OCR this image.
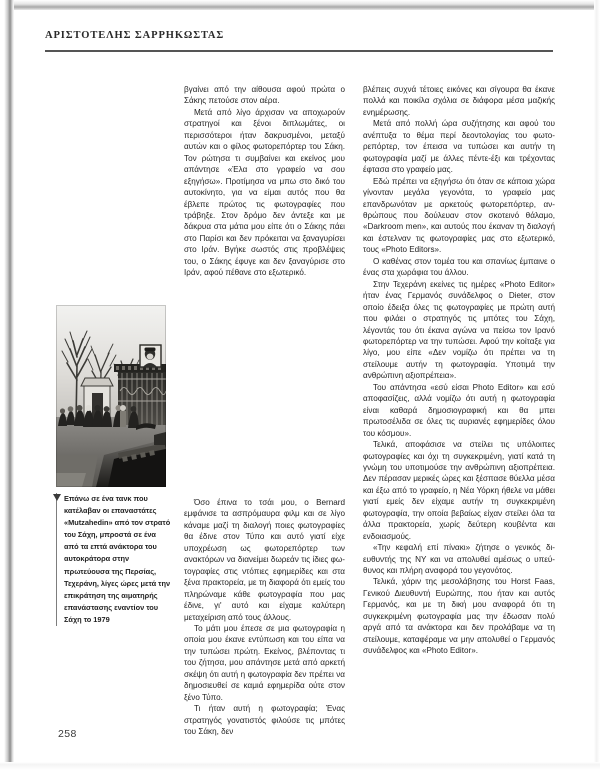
ΑΡΙΣΤΟΤΕΛΗΣ ΣΑΡΡΗΚΩΣΤΑΣ
Επάνω σε ένα τανκ που κατέλαβαν οι επαναστάτες «Mutzahedin» από τον στρατό του Σάχη, μπροστά σε ένα από τα επτά ανάκτορα του αυτοκράτορα στην πρωτεύουσα της Περσίας, Τεχεράνη, λίγες ώρες μετά την επικράτηση της αιματηρής επανάστασης εναντίον του Σάχη το 1979

βγαίνει από την αίθουσα αφού πρώτα ο Σάκης πετούσε στον αέρα.

Μετά από λίγο άρχισαν να αποχωρούν στρατηγοί και ξένοι διπλωμάτες, οι περισσότεροι ήταν δακρυσμένοι, μεταξύ αυτών και ο φίλος φωτορεπόρτερ του Σάκη. Τον ρώτησα τι συμβαίνει και εκείνος μου απάντησε «Έλα στο γραφείο να σου εξηγήσω». Προτίμησα να μπω στο δικό του αυτοκίνητο, για να είμαι αυτός που θα έβλεπε πρώτος τις φωτογραφίες που τράβηξε. Στον δρόμο δεν άντεξε και με δάκρυα στα μάτια μου είπε ότι ο Σάκης πάει στο Παρίσι και δεν πρόκειται να ξαναγυρίσει στο Ιράν. Βγήκε σωστός στις προβλέψεις του, ο Σάκης έφυγε και δεν ξαναγύρισε στο Ιράν, αφού πέθανε στο εξωτερικό.

Όσο έπινα το τσάι μου, ο Bernard εμφάνισε τα ασπρόμαυρα φιλμ και σε λίγο κάναμε μαζί τη διαλογή ποιες φωτογραφίες θα έδινε στον Τύπο και αυτό γιατί είχε υποχρέωση ως φωτορεπόρτερ των ανακτόρων να διανείμει δωρεάν τις ίδιες φωτογραφίες στις ντόπιες εφημερίδες και στα ξένα πρακτορεία, με τη διαφορά ότι εμείς του πληρώναμε κάθε φωτογραφία που μας έδινε, γι' αυτό και είχαμε καλύτερη μεταχείριση από τους άλλους.

Το μάτι μου έπεσε σε μια φωτογραφία η οποία μου έκανε εντύπωση και του είπα να την τυπώσει πρώτη. Εκείνος, βλέποντας τι του ζήτησα, μου απάντησε μετά από αρκετή σκέψη ότι αυτή η φωτογραφία δεν πρέπει να δημοσιευθεί σε καμιά εφημερίδα ούτε στον ξένο Τύπο.

Τι ήταν αυτή η φωτογραφία; Ένας στρατηγός γονατιστός φιλούσε τις μπότες του Σάκη, δεν

βλέπεις συχνά τέτοιες εικόνες και σίγουρα θα έκανε πολλά και ποικίλα σχόλια σε διάφορα μέσα μαζικής ενημέρωσης.

Μετά από πολλή ώρα συζήτησης και αφού του ανέπτυξα το θέμα περί δεοντολογίας του φωτορεπόρτερ, τον έπεισα να τυπώσει και αυτήν τη φωτογραφία μαζί με άλλες πέντε-έξι και τρέχοντας έφτασα στο γραφείο μας.

Εδώ πρέπει να εξηγήσω ότι όταν σε κάποια χώρα γίνονταν μεγάλα γεγονότα, το γραφείο μας επανδρωνόταν με αρκετούς φωτορεπόρτερ, ανθρώπους που δούλευαν στον σκοτεινό θάλαμο, «Darkroom men», και αυτούς που έκαναν τη διαλογή και έστελναν τις φωτογραφίες μας στο εξωτερικό, τους «Photo Editors».

Ο καθένας στον τομέα του και σπανίως έμπαινε ο ένας στα χωράφια του άλλου.

Στην Τεχεράνη εκείνες τις ημέρες «Photo Editor» ήταν ένας Γερμανός συνάδελφος ο Dieter, στον οποίο έδειξα όλες τις φωτογραφίες με πρώτη αυτή που φιλάει ο στρατηγός τις μπότες του Σάχη, λέγοντάς του ότι έκανα αγώνα να πείσω τον Ιρανό φωτορεπόρτερ να την τυπώσει. Αφού την κοίταξε για λίγο, μου είπε «Δεν νομίζω ότι πρέπει να τη στείλουμε αυτήν τη φωτογραφία. Υποτιμά την ανθρώπινη αξιοπρέπεια».

Του απάντησα «εσύ είσαι Photo Editor» και εσύ αποφασίζεις, αλλά νομίζω ότι αυτή η φωτογραφία είναι καθαρά δημοσιογραφική και θα μπει πρωτοσέλιδα σε όλες τις αυριανές εφημερίδες όλου του κόσμου».

Τελικά, αποφάσισε να στείλει τις υπόλοιπες φωτογραφίες και όχι τη συγκεκριμένη, γιατί κατά τη γνώμη του υποτιμούσε την ανθρώπινη αξιοπρέπεια. Δεν πέρασαν μερικές ώρες και ξέσπασε θύελλα μέσα και έξω από το γραφείο, η Νέα Υόρκη ήθελε να μάθει γιατί εμείς δεν είχαμε αυτήν τη συγκεκριμένη φωτογραφία, την οποία βεβαίως είχαν στείλει όλα τα άλλα πρακτορεία, χωρίς δεύτερη κουβέντα και ενδοιασμούς.

«Την κεφαλή επί πίνακι» ζήτησε ο γενικός διευθυντής της ΝΥ και να απολυθεί αμέσως ο υπεύθυνος και πλήρη αναφορά του γεγονότος.

Τελικά, χάριν της μεσολάβησης του Horst Faas, Γενικού Διευθυντή Ευρώπης, που ήταν και αυτός Γερμανός, και με τη δική μου αναφορά ότι τη συγκεκριμένη φωτογραφία μας την έδωσαν πολύ αργά από τα ανάκτορα και δεν προλάβαμε να τη στείλουμε, καταφέραμε να μην απολυθεί ο Γερμανός συνάδελφος και «Photo Editor».

258
